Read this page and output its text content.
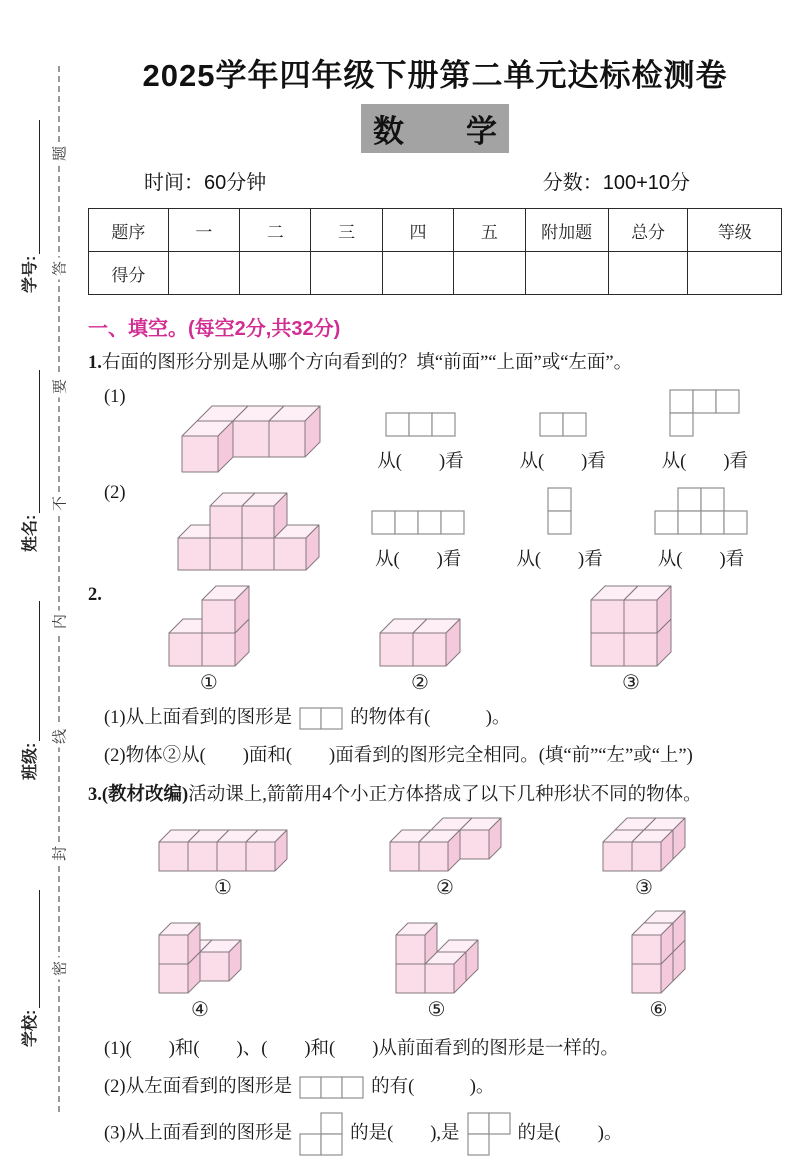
学号:
姓名:
班级:
学校:
题
答
要
不
内
线
封
密
2025学年四年级下册第二单元达标检测卷
数　　学
时间：60分钟	分数：100+10分
题序	一	二	三	四	五	附加题	总分	等级
得分								
一、填空。(每空2分,共32分)
1.右面的图形分别是从哪个方向看到的？填“前面”“上面”或“左面”。
(1)
从(　　)看	从(　　)看	从(　　)看
(2)
从(　　)看	从(　　)看	从(　　)看
2.
①	②	③
(1)从上面看到的图形是	的物体有(　　　)。
(2)物体②从(　　)面和(　　)面看到的图形完全相同。(填“前”“左”或“上”)
3.(教材改编)活动课上,箭箭用4个小正方体搭成了以下几种形状不同的物体。
①	②	③
④	⑤	⑥
(1)(　　)和(　　)、(　　)和(　　)从前面看到的图形是一样的。
(2)从左面看到的图形是	的有(　　　)。
(3)从上面看到的图形是	的是(　　),是	的是(　　)。
